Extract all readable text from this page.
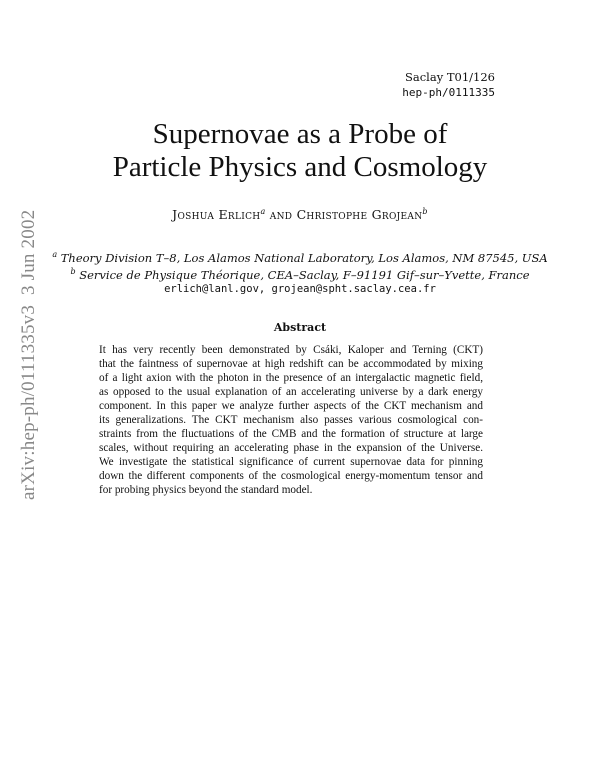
Saclay T01/126
hep-ph/0111335
Supernovae as a Probe of
Particle Physics and Cosmology
Joshua Erlich$^a$ and Christophe Grojean$^b$
$^a$ Theory Division T–8, Los Alamos National Laboratory, Los Alamos, NM 87545, USA
$^b$ Service de Physique Théorique, CEA–Saclay, F–91191 Gif–sur–Yvette, France
erlich@lanl.gov, grojean@spht.saclay.cea.fr
Abstract
It has very recently been demonstrated by Csáki, Kaloper and Terning (CKT)
that the faintness of supernovae at high redshift can be accommodated by mixing
of a light axion with the photon in the presence of an intergalactic magnetic field,
as opposed to the usual explanation of an accelerating universe by a dark energy
component. In this paper we analyze further aspects of the CKT mechanism and
its generalizations. The CKT mechanism also passes various cosmological con-
straints from the fluctuations of the CMB and the formation of structure at large
scales, without requiring an accelerating phase in the expansion of the Universe.
We investigate the statistical significance of current supernovae data for pinning
down the different components of the cosmological energy-momentum tensor and
for probing physics beyond the standard model.
arXiv:hep-ph/0111335v3  3 Jun 2002
